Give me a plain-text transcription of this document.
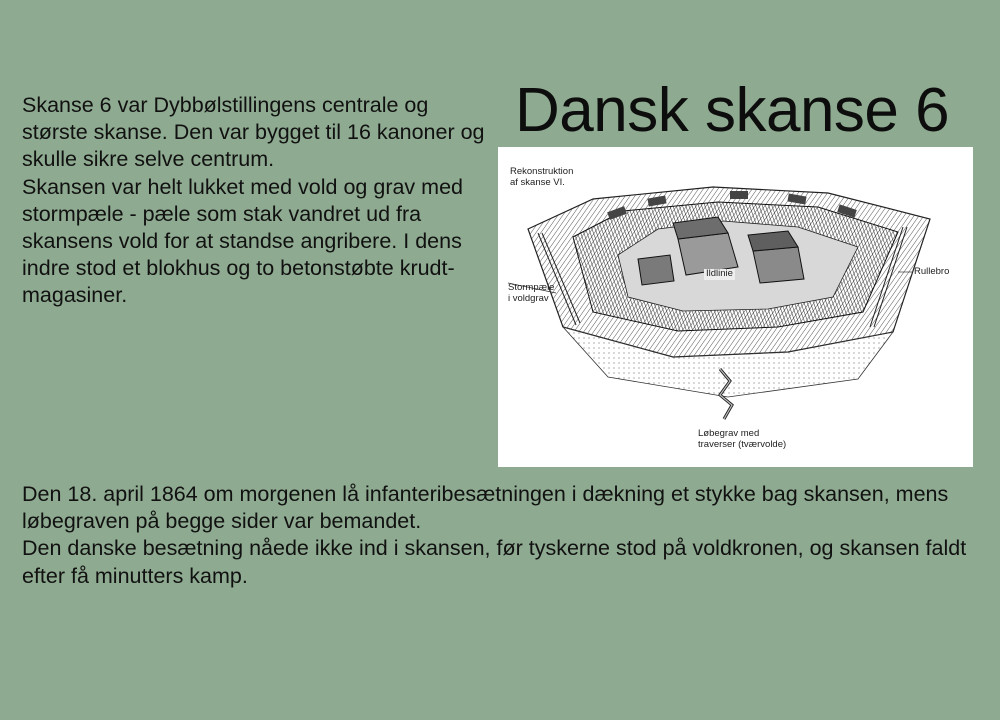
Dansk skanse 6

Skanse 6 var Dybbølstillingens centrale og største skanse. Den var bygget til 16 kanoner og skulle sikre selve centrum.

Skansen var helt lukket med vold og grav med stormpæle - pæle som stak vandret ud fra skansens vold for at standse angribere. I dens indre stod et blokhus og to betonstøbte krudtmagasiner.

Rekonstruktion
af skanse VI.
Stormpæle
i voldgrav
Ildlinie	Rullebro
Løbegrav med
traverser (tværvolde)

Den 18. april 1864 om morgenen lå infanteribesætningen i dækning et stykke bag skansen, mens løbegraven på begge sider var bemandet.

Den danske besætning nåede ikke ind i skansen, før tyskerne stod på voldkronen, og skansen faldt efter få minutters kamp.
